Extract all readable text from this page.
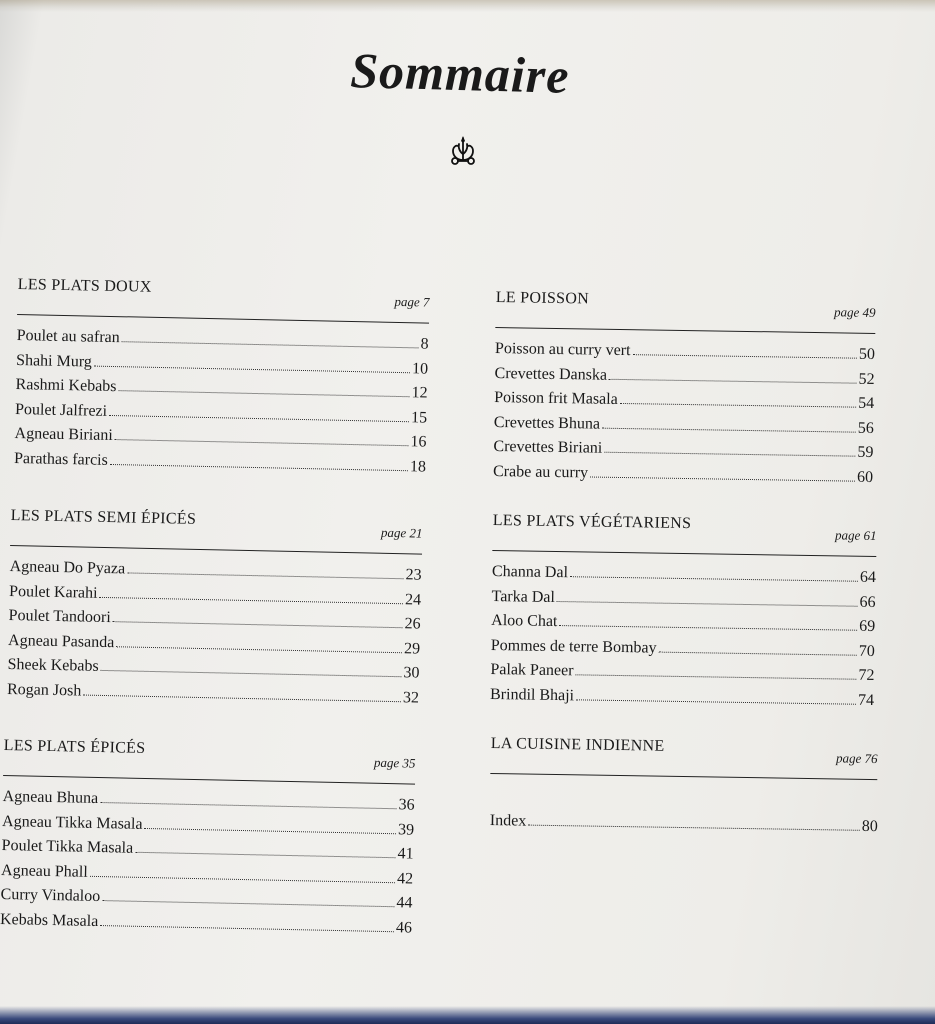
Sommaire
LES PLATS DOUX
page 7
Poulet au safran	8
Shahi Murg	10
Rashmi Kebabs	12
Poulet Jalfrezi	15
Agneau Biriani	16
Parathas farcis	18
LES PLATS SEMI ÉPICÉS
page 21
Agneau Do Pyaza	23
Poulet Karahi	24
Poulet Tandoori	26
Agneau Pasanda	29
Sheek Kebabs	30
Rogan Josh	32
LES PLATS ÉPICÉS
page 35
Agneau Bhuna	36
Agneau Tikka Masala	39
Poulet Tikka Masala	41
Agneau Phall	42
Curry Vindaloo	44
Kebabs Masala	46
LE POISSON
page 49
Poisson au curry vert	50
Crevettes Danska	52
Poisson frit Masala	54
Crevettes Bhuna	56
Crevettes Biriani	59
Crabe au curry	60
LES PLATS VÉGÉTARIENS
page 61
Channa Dal	64
Tarka Dal	66
Aloo Chat	69
Pommes de terre Bombay	70
Palak Paneer	72
Brindil Bhaji	74
LA CUISINE INDIENNE
page 76
Index	80
